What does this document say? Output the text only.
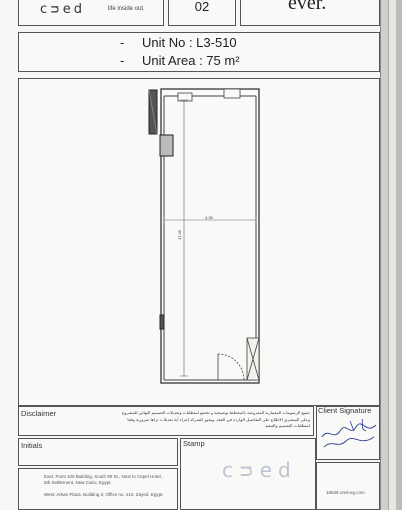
cᴝed	life inside out.	02	ever.
- Unit No : L3-510
- Unit Area : 75 m²
4.30
17.45
Disclaimer	جميع الرسومات المعمارية المعروضة بالمخطط توضيحية و تخضع لمتطلبات وتعديلات التصميم النهائي للمشروع وعلى المشتري الاطلاع على التفاصيل الواردة في العقد. ويجوز للشركة إجراء أية تعديلات تراها ضرورية وفقا لمتطلبات التصميم والتنفيذ
Client Signature
Initials	Stamp
cᴝed
East: Point 100 Building, South 90 St., Next to Cepel Hotel,
5th Settlement, New Cairo, Egypt.
West: Arkan Plaza, Building 3, Office no. 210, Zayed, Egypt.	16639 cred-eg.com
